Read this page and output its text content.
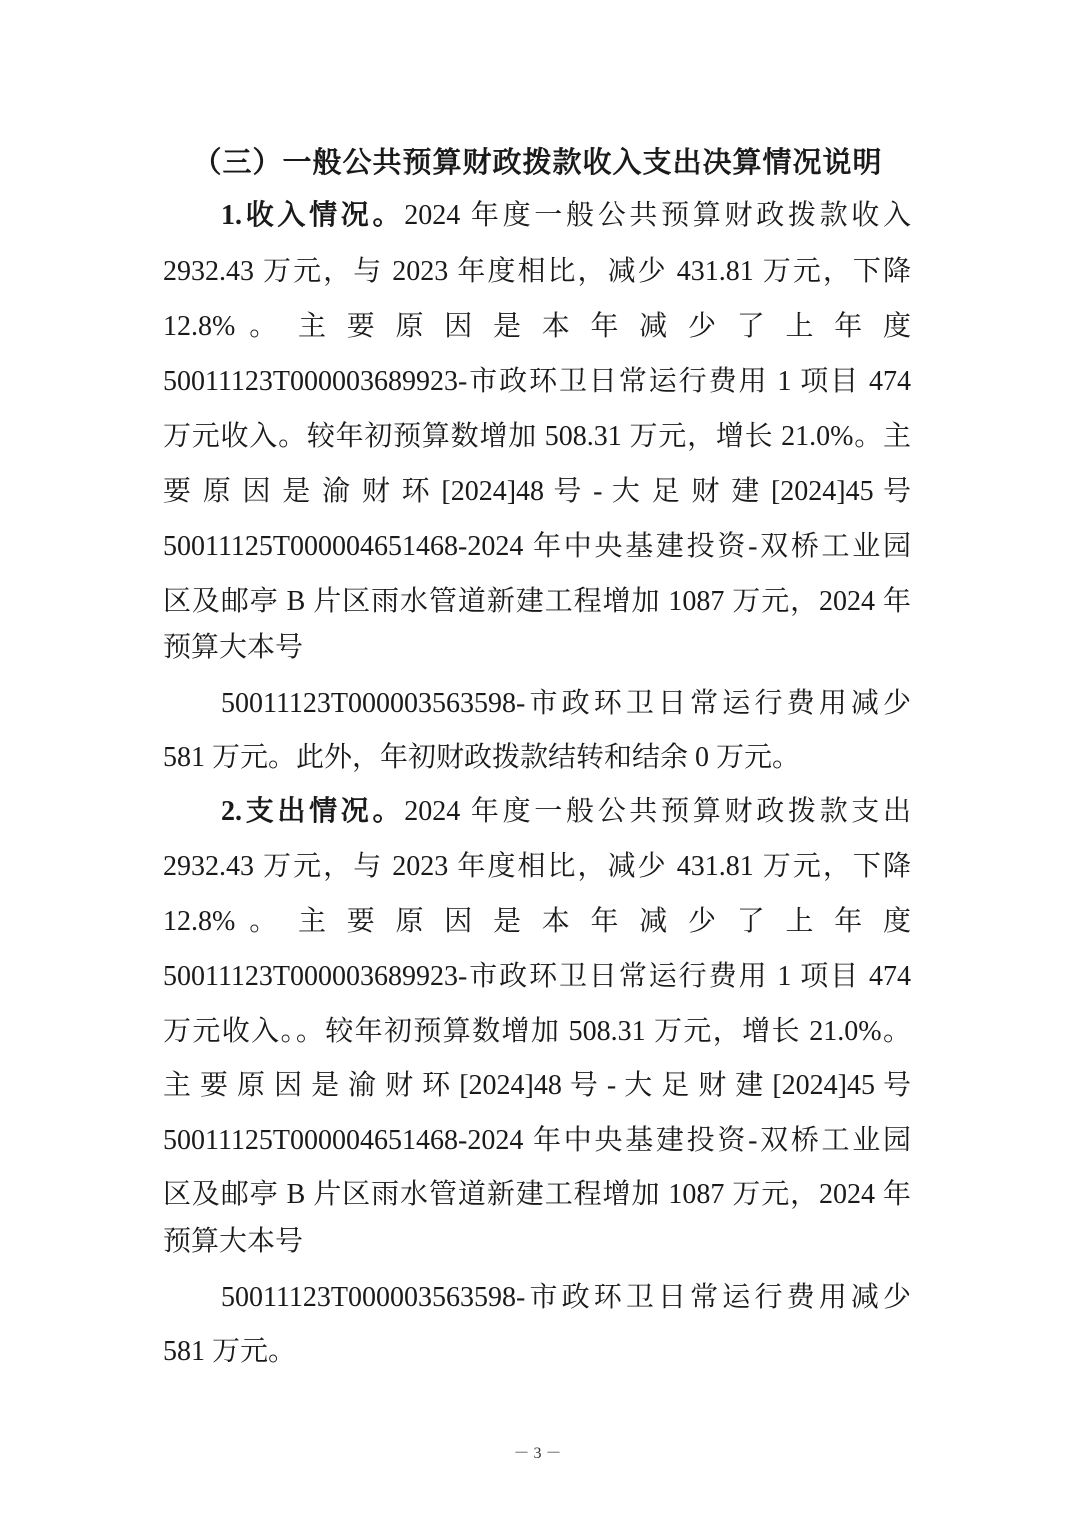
（三）一般公共预算财政拨款收入支出决算情况说明
1.收入情况。2024 年度一般公共预算财政拨款收入
2932.43 万元，与 2023 年度相比，减少 431.81 万元，下降
12.8% 。 主 要 原 因 是 本 年 减 少 了 上 年 度
50011123T000003689923-市政环卫日常运行费用 1 项目 474
万元收入。较年初预算数增加 508.31 万元，增长 21.0%。主
要 原 因 是 渝 财 环 [2024]48 号 - 大 足 财 建 [2024]45 号
50011125T000004651468-2024 年中央基建投资-双桥工业园
区及邮亭 B 片区雨水管道新建工程增加 1087 万元，2024 年
预算大本号
50011123T000003563598-市政环卫日常运行费用减少
581 万元。此外，年初财政拨款结转和结余 0 万元。
2.支出情况。2024 年度一般公共预算财政拨款支出
2932.43 万元，与 2023 年度相比，减少 431.81 万元，下降
12.8% 。 主 要 原 因 是 本 年 减 少 了 上 年 度
50011123T000003689923-市政环卫日常运行费用 1 项目 474
万元收入。。较年初预算数增加 508.31 万元，增长 21.0%。
主 要 原 因 是 渝 财 环 [2024]48 号 - 大 足 财 建 [2024]45 号
50011125T000004651468-2024 年中央基建投资-双桥工业园
区及邮亭 B 片区雨水管道新建工程增加 1087 万元，2024 年
预算大本号
50011123T000003563598-市政环卫日常运行费用减少
581 万元。
－ 3 －
